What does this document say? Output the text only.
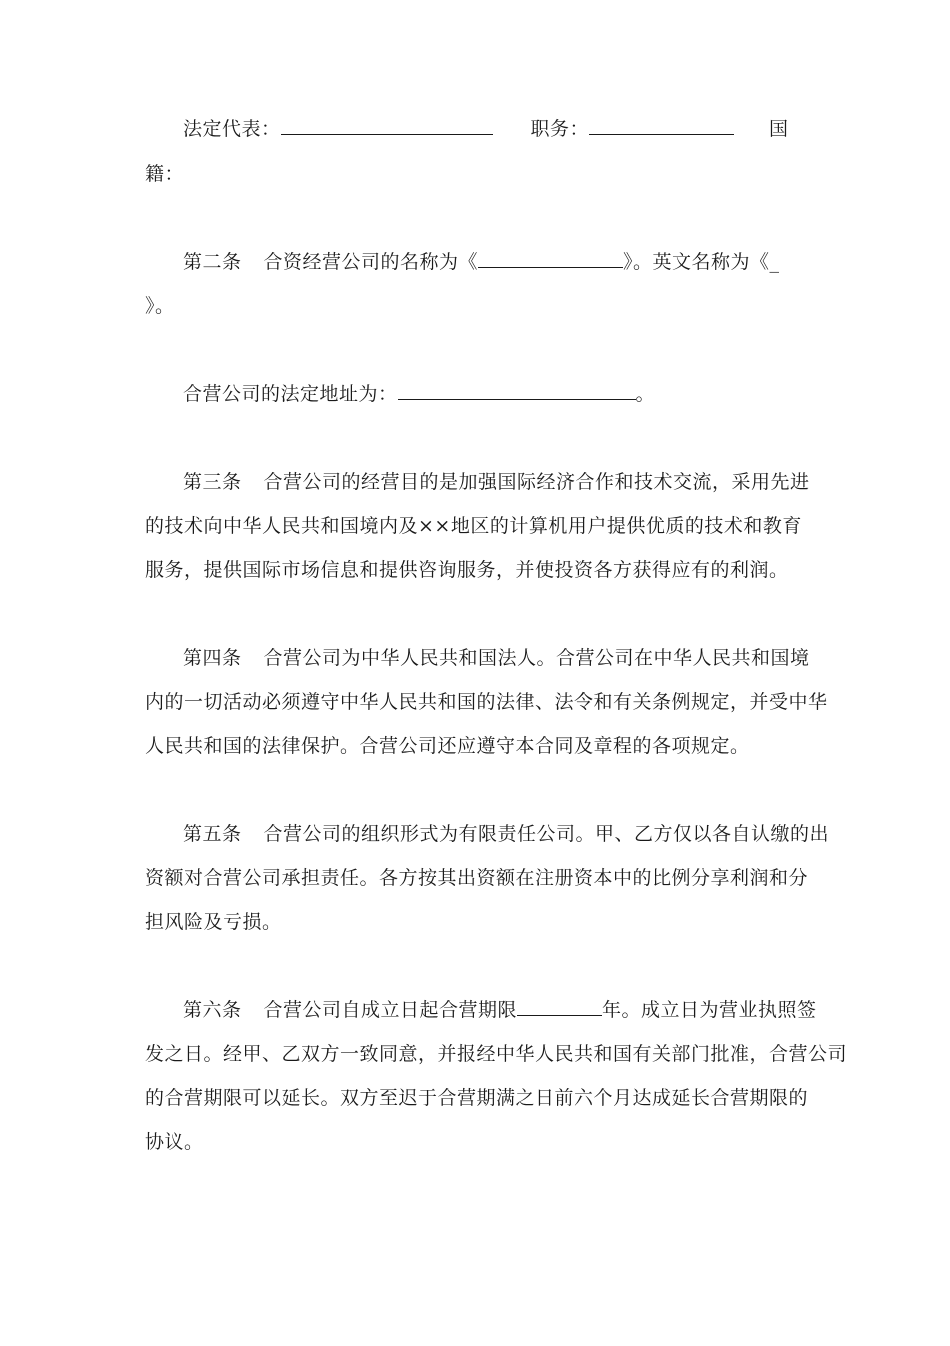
法定代表：	职务：	国
籍：
第二条 合资经营公司的名称为《	》。英文名称为《_
》。
合营公司的法定地址为：	。
第三条 合营公司的经营目的是加强国际经济合作和技术交流，采用先进
的技术向中华人民共和国境内及××地区的计算机用户提供优质的技术和教育
服务，提供国际市场信息和提供咨询服务，并使投资各方获得应有的利润。
第四条 合营公司为中华人民共和国法人。合营公司在中华人民共和国境
内的一切活动必须遵守中华人民共和国的法律、法令和有关条例规定，并受中华
人民共和国的法律保护。合营公司还应遵守本合同及章程的各项规定。
第五条 合营公司的组织形式为有限责任公司。甲、乙方仅以各自认缴的出
资额对合营公司承担责任。各方按其出资额在注册资本中的比例分享利润和分
担风险及亏损。
第六条 合营公司自成立日起合营期限	年。成立日为营业执照签
发之日。经甲、乙双方一致同意，并报经中华人民共和国有关部门批准，合营公司
的合营期限可以延长。双方至迟于合营期满之日前六个月达成延长合营期限的
协议。
